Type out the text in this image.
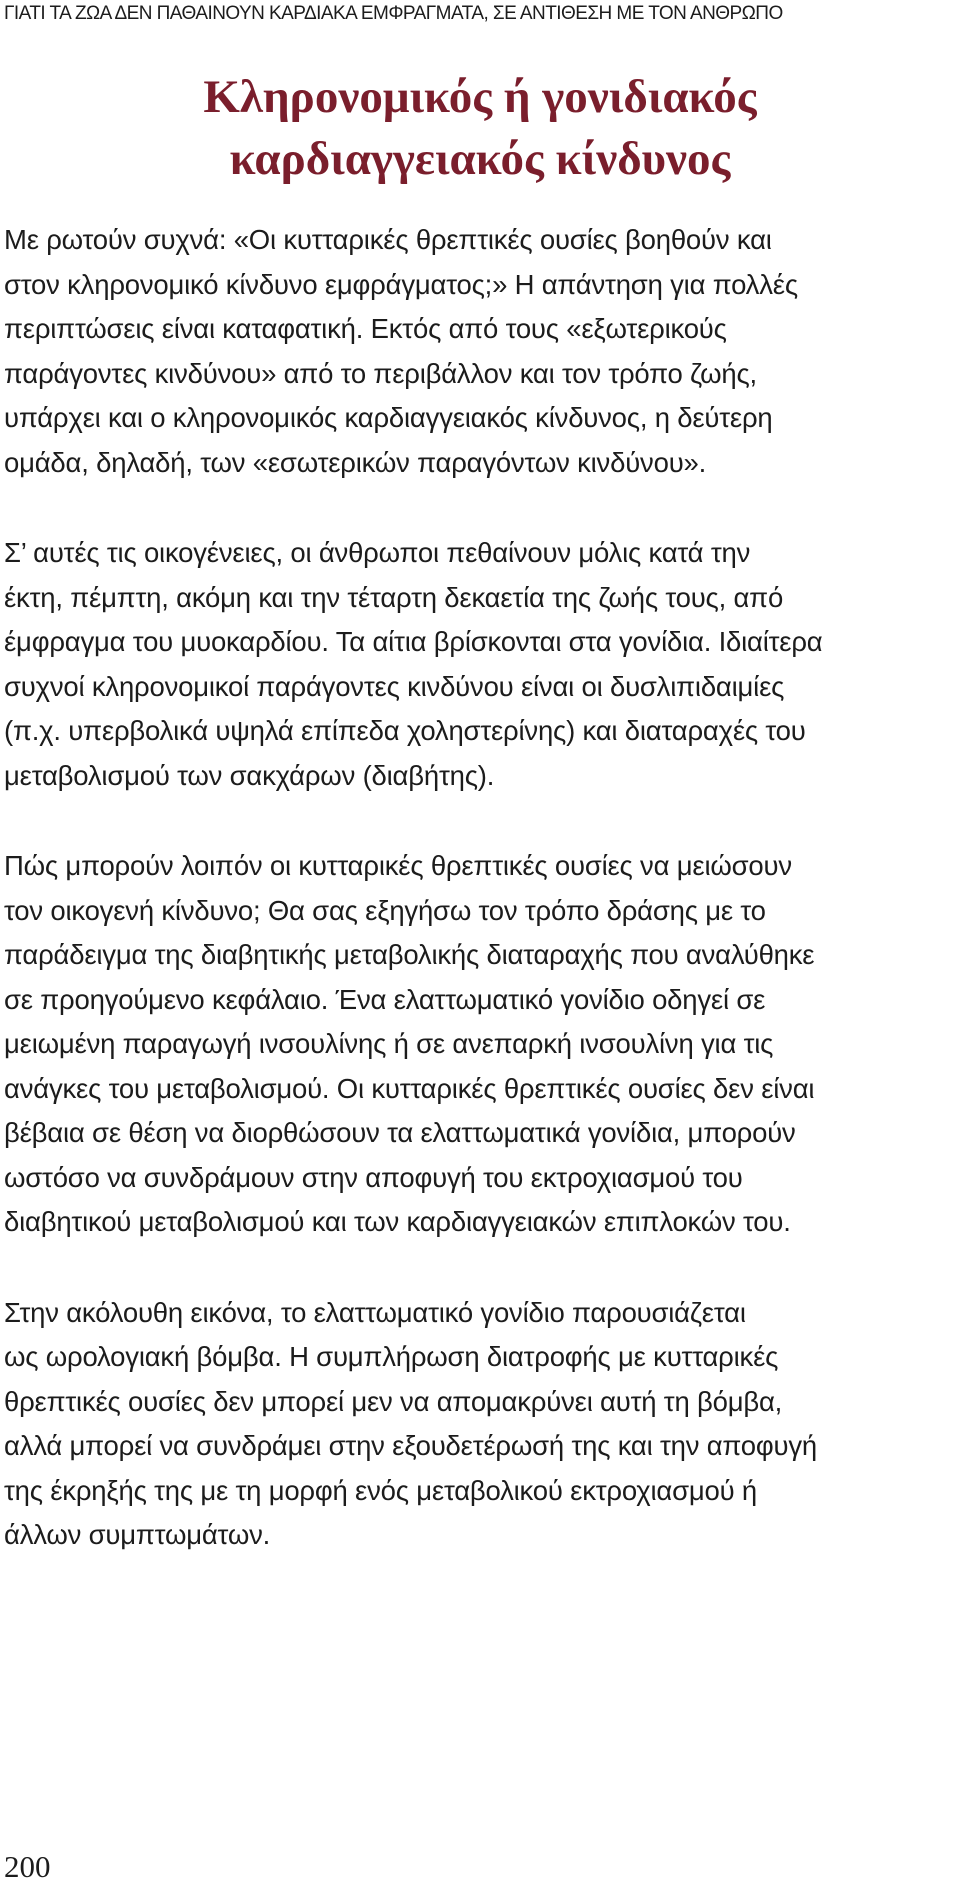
ΓΙΑΤΙ ΤΑ ΖΩΑ ΔΕΝ ΠΑΘΑΙΝΟΥΝ ΚΑΡΔΙΑΚΑ ΕΜΦΡΑΓΜΑΤΑ, ΣΕ ΑΝΤΙΘΕΣΗ ΜΕ ΤΟΝ ΑΝΘΡΩΠΟ
Κληρονομικός ή γονιδιακός
καρδιαγγειακός κίνδυνος

Με ρωτούν συχνά: «Οι κυτταρικές θρεπτικές ουσίες βοηθούν και
στον κληρονομικό κίνδυνο εμφράγματος;» Η απάντηση για πολλές
περιπτώσεις είναι καταφατική. Εκτός από τους «εξωτερικούς
παράγοντες κινδύνου» από το περιβάλλον και τον τρόπο ζωής,
υπάρχει και ο κληρονομικός καρδιαγγειακός κίνδυνος, η δεύτερη
ομάδα, δηλαδή, των «εσωτερικών παραγόντων κινδύνου».

Σ’ αυτές τις οικογένειες, οι άνθρωποι πεθαίνουν μόλις κατά την
έκτη, πέμπτη, ακόμη και την τέταρτη δεκαετία της ζωής τους, από
έμφραγμα του μυοκαρδίου. Τα αίτια βρίσκονται στα γονίδια. Ιδιαίτερα
συχνοί κληρονομικοί παράγοντες κινδύνου είναι οι δυσλιπιδαιμίες
(π.χ. υπερβολικά υψηλά επίπεδα χοληστερίνης) και διαταραχές του
μεταβολισμού των σακχάρων (διαβήτης).

Πώς μπορούν λοιπόν οι κυτταρικές θρεπτικές ουσίες να μειώσουν
τον οικογενή κίνδυνο; Θα σας εξηγήσω τον τρόπο δράσης με το
παράδειγμα της διαβητικής μεταβολικής διαταραχής που αναλύθηκε
σε προηγούμενο κεφάλαιο. Ένα ελαττωματικό γονίδιο οδηγεί σε
μειωμένη παραγωγή ινσουλίνης ή σε ανεπαρκή ινσουλίνη για τις
ανάγκες του μεταβολισμού. Οι κυτταρικές θρεπτικές ουσίες δεν είναι
βέβαια σε θέση να διορθώσουν τα ελαττωματικά γονίδια, μπορούν
ωστόσο να συνδράμουν στην αποφυγή του εκτροχιασμού του
διαβητικού μεταβολισμού και των καρδιαγγειακών επιπλοκών του.

Στην ακόλουθη εικόνα, το ελαττωματικό γονίδιο παρουσιάζεται
ως ωρολογιακή βόμβα. Η συμπλήρωση διατροφής με κυτταρικές
θρεπτικές ουσίες δεν μπορεί μεν να απομακρύνει αυτή τη βόμβα,
αλλά μπορεί να συνδράμει στην εξουδετέρωσή της και την αποφυγή
της έκρηξής της με τη μορφή ενός μεταβολικού εκτροχιασμού ή
άλλων συμπτωμάτων.

200
